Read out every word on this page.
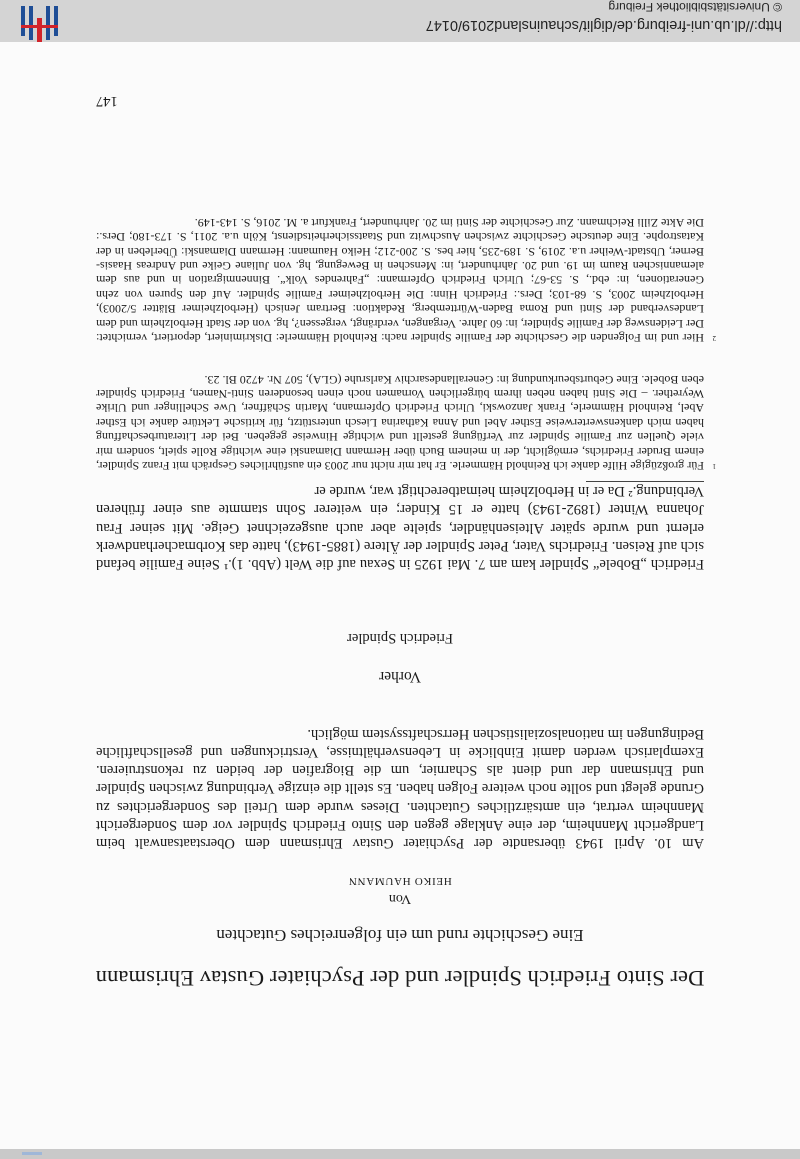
Der Sinto Friedrich Spindler und der Psychiater Gustav Ehrismann
Eine Geschichte rund um ein folgenreiches Gutachten
Von
HEIKO HAUMANN
Am 10. April 1943 übersandte der Psychiater Gustav Ehrismann dem Oberstaatsanwalt beim Landgericht Mannheim, der eine Anklage gegen den Sinto Friedrich Spindler vor dem Sondergericht Mannheim vertrat, ein amtsärztliches Gutachten. Dieses wurde dem Urteil des Sondergerichtes zu Grunde gelegt und sollte noch weitere Folgen haben. Es stellt die einzige Verbindung zwischen Spindler und Ehrismann dar und dient als Scharnier, um die Biografien der beiden zu rekonstruieren. Exemplarisch werden damit Einblicke in Lebensverhältnisse, Verstrickungen und gesellschaftliche Bedingungen im nationalsozialistischen Herrschaftssystem möglich.
Vorher
Friedrich Spindler
Friedrich „Bobele“ Spindler kam am 7. Mai 1925 in Sexau auf die Welt (Abb. 1).¹ Seine Familie befand sich auf Reisen. Friedrichs Vater, Peter Spindler der Ältere (1885-1943), hatte das Korbmacherhandwerk erlernt und wurde später Alteisenhändler, spielte aber auch ausgezeichnet Geige. Mit seiner Frau Johanna Winter (1892-1943) hatte er 15 Kinder; ein weiterer Sohn stammte aus einer früheren Verbindung.² Da er in Herbolzheim heimatberechtigt war, wurde er
1
Für großzügige Hilfe danke ich Reinhold Hämmerle. Er hat mir nicht nur 2003 ein ausführliches Gespräch mit Franz Spindler, einem Bruder Friedrichs, ermöglicht, der in meinem Buch über Hermann Diamanski eine wichtige Rolle spielt, sondern mir viele Quellen zur Familie Spindler zur Verfügung gestellt und wichtige Hinweise gegeben. Bei der Literaturbeschaffung haben mich dankenswerterweise Esther Abel und Anna Katharina Liesch unterstützt, für kritische Lektüre danke ich Esther Abel, Reinhold Hämmerle, Frank Janzowski, Ulrich Friedrich Opfermann, Martin Schäffner, Uwe Schellinger und Ulrike Weyrether. – Die Sinti haben neben ihrem bürgerlichen Vornamen noch einen besonderen Sinti-Namen, Friedrich Spindler eben Bobele. Eine Geburtsbeurkundung in: Generallandesarchiv Karlsruhe (GLA), 507 Nr. 4720 Bl. 23.
2
Hier und im Folgenden die Geschichte der Familie Spindler nach: Reinhold Hämmerle: Diskriminiert, deportiert, vernichtet: Der Leidensweg der Familie Spindler, in: 60 Jahre. Vergangen, verdrängt, vergessen?, hg. von der Stadt Herbolzheim und dem Landesverband der Sinti und Roma Baden-Württemberg, Redaktion: Bertram Jenisch (Herbolzheimer Blätter 5/2003), Herbolzheim 2003, S. 68-103; Ders.: Friedrich Hinn: Die Herbolzheimer Familie Spindler. Auf den Spuren von zehn Generationen, in: ebd., S. 53-67; Ulrich Friedrich Opfermann: „Fahrendes Volk“. Binnenmigration in und aus dem alemannischen Raum im 19. und 20. Jahrhundert, in: Menschen in Bewegung, hg. von Juliane Geike und Andreas Haasis-Berner, Ubstadt-Weiher u.a. 2019, S. 189-235, hier bes. S. 200-212; Heiko Haumann: Hermann Diamanski: Überleben in der Katastrophe. Eine deutsche Geschichte zwischen Auschwitz und Staatssicherheitsdienst, Köln u.a. 2011, S. 173-180; Ders.: Die Akte Zilli Reichmann. Zur Geschichte der Sinti im 20. Jahrhundert, Frankfurt a. M. 2016, S. 143-149.
147
http://dl.ub.uni-freiburg.de/diglit/schauinsland2019/0147
© Universitätsbibliothek Freiburg
